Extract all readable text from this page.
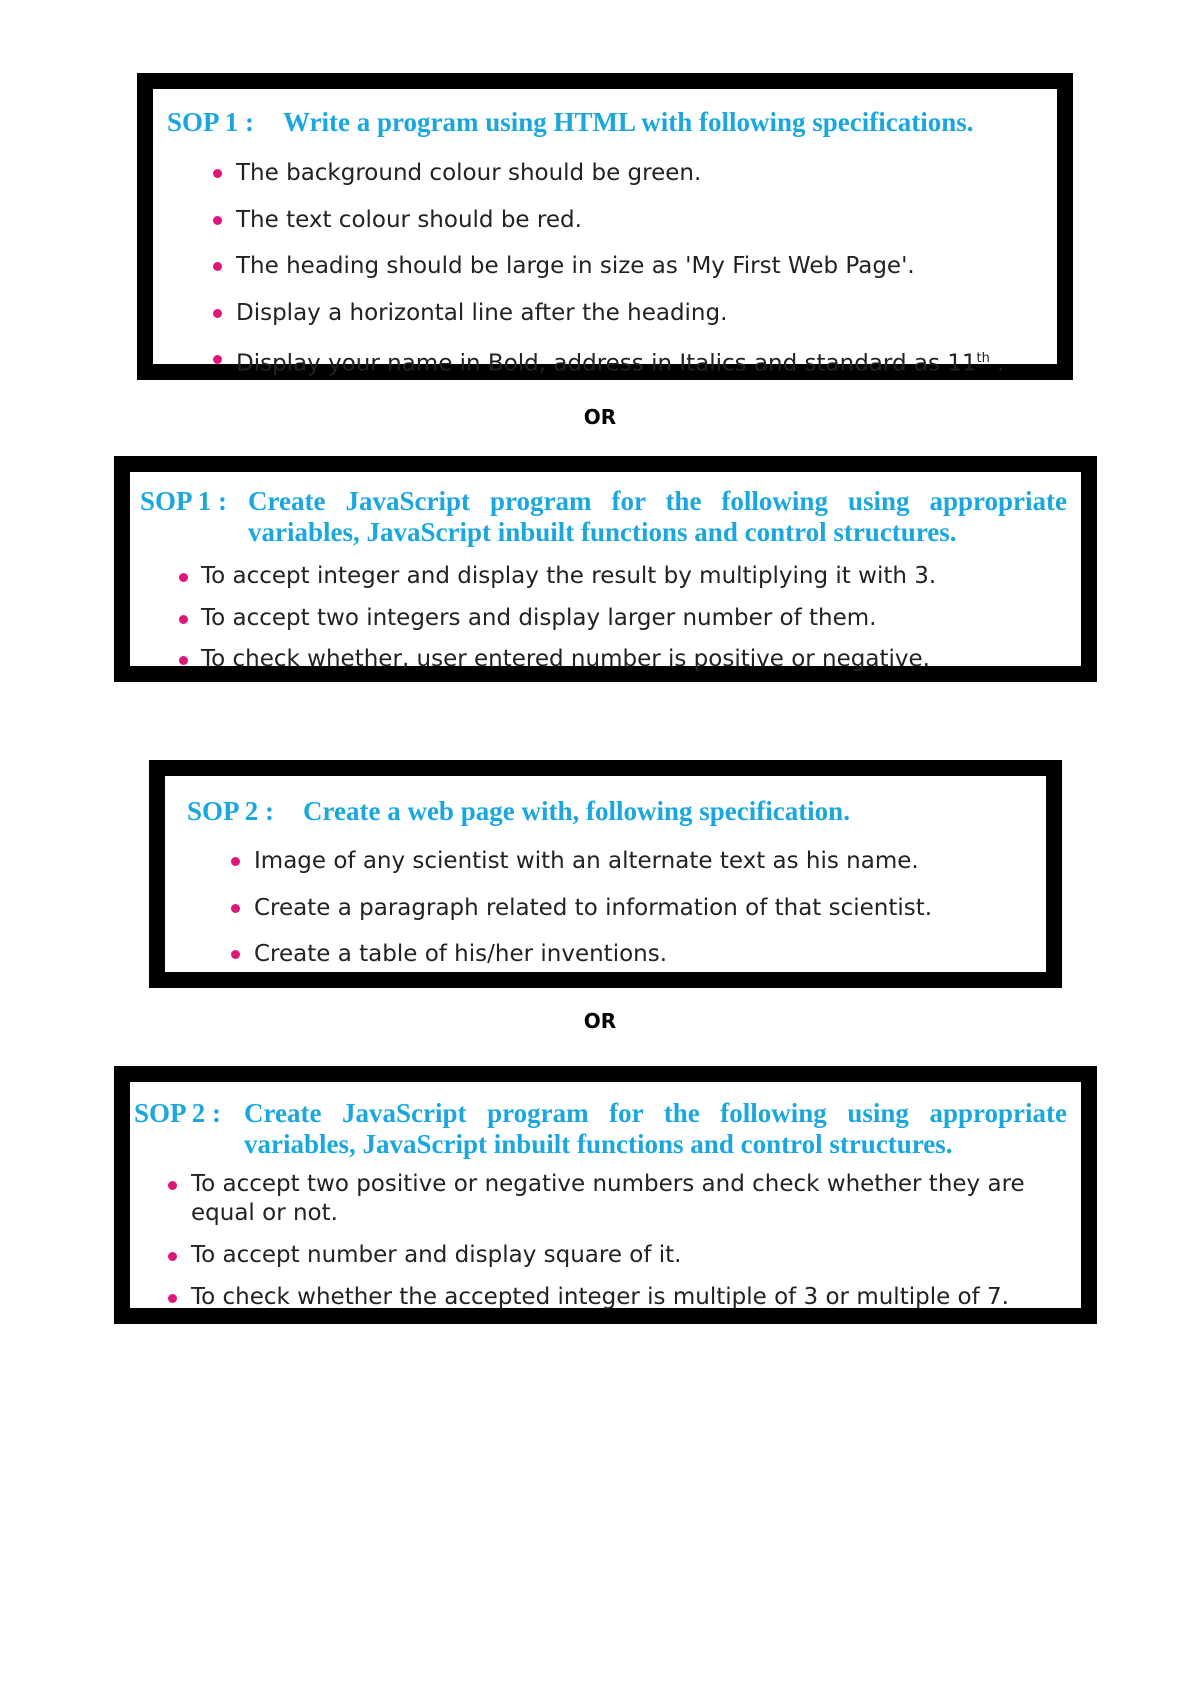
SOP 1 :	Write a program using HTML with following specifications.
The background colour should be green.
The text colour should be red.
The heading should be large in size as 'My First Web Page'.
Display a horizontal line after the heading.
Display your name in Bold, address in Italics and standard as 11th .
OR
SOP 1 : Create JavaScript program for the following using appropriate variables, JavaScript inbuilt functions and control structures.
To accept integer and display the result by multiplying it with 3.
To accept two integers and display larger number of them.
To check whether, user entered number is positive or negative.
SOP 2 :	Create a web page with, following specification.
Image of any scientist with an alternate text as his name.
Create a paragraph related to information of that scientist.
Create a table of his/her inventions.
OR
SOP 2 : Create JavaScript program for the following using appropriate variables, JavaScript inbuilt functions and control structures.
To accept two positive or negative numbers and check whether they are equal or not.
To accept number and display square of it.
To check whether the accepted integer is multiple of 3 or multiple of 7.
